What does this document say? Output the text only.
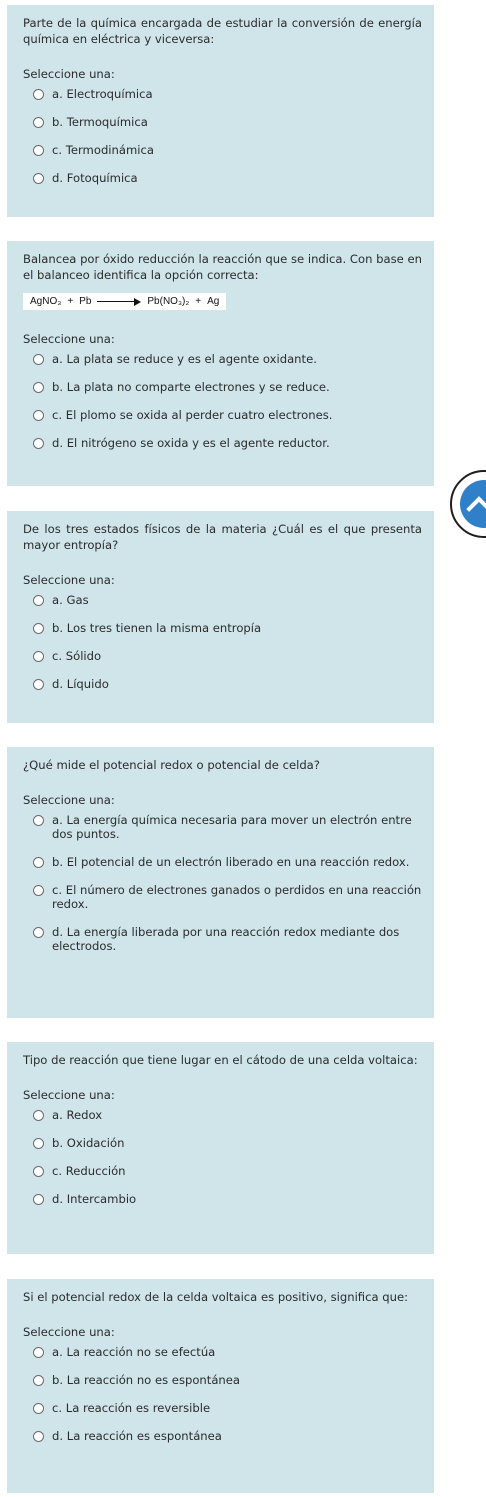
Parte de la química encargada de estudiar la conversión de energía química en eléctrica y viceversa:

Seleccione una:
a. Electroquímica
b. Termoquímica
c. Termodinámica
d. Fotoquímica

Balancea por óxido reducción la reacción que se indica. Con base en el balanceo identifica la opción correcta:

AgNO₃ + Pb	Pb(NO₃)₂ + Ag
Seleccione una:
a. La plata se reduce y es el agente oxidante.
b. La plata no comparte electrones y se reduce.
c. El plomo se oxida al perder cuatro electrones.
d. El nitrógeno se oxida y es el agente reductor.

De los tres estados físicos de la materia ¿Cuál es el que presenta mayor entropía?

Seleccione una:
a. Gas
b. Los tres tienen la misma entropía
c. Sólido
d. Líquido

¿Qué mide el potencial redox o potencial de celda?

Seleccione una:
a. La energía química necesaria para mover un electrón entre dos puntos.
b. El potencial de un electrón liberado en una reacción redox.
c. El número de electrones ganados o perdidos en una reacción redox.
d. La energía liberada por una reacción redox mediante dos electrodos.

Tipo de reacción que tiene lugar en el cátodo de una celda voltaica:

Seleccione una:
a. Redox
b. Oxidación
c. Reducción
d. Intercambio

Si el potencial redox de la celda voltaica es positivo, significa que:

Seleccione una:
a. La reacción no se efectúa
b. La reacción no es espontánea
c. La reacción es reversible
d. La reacción es espontánea
